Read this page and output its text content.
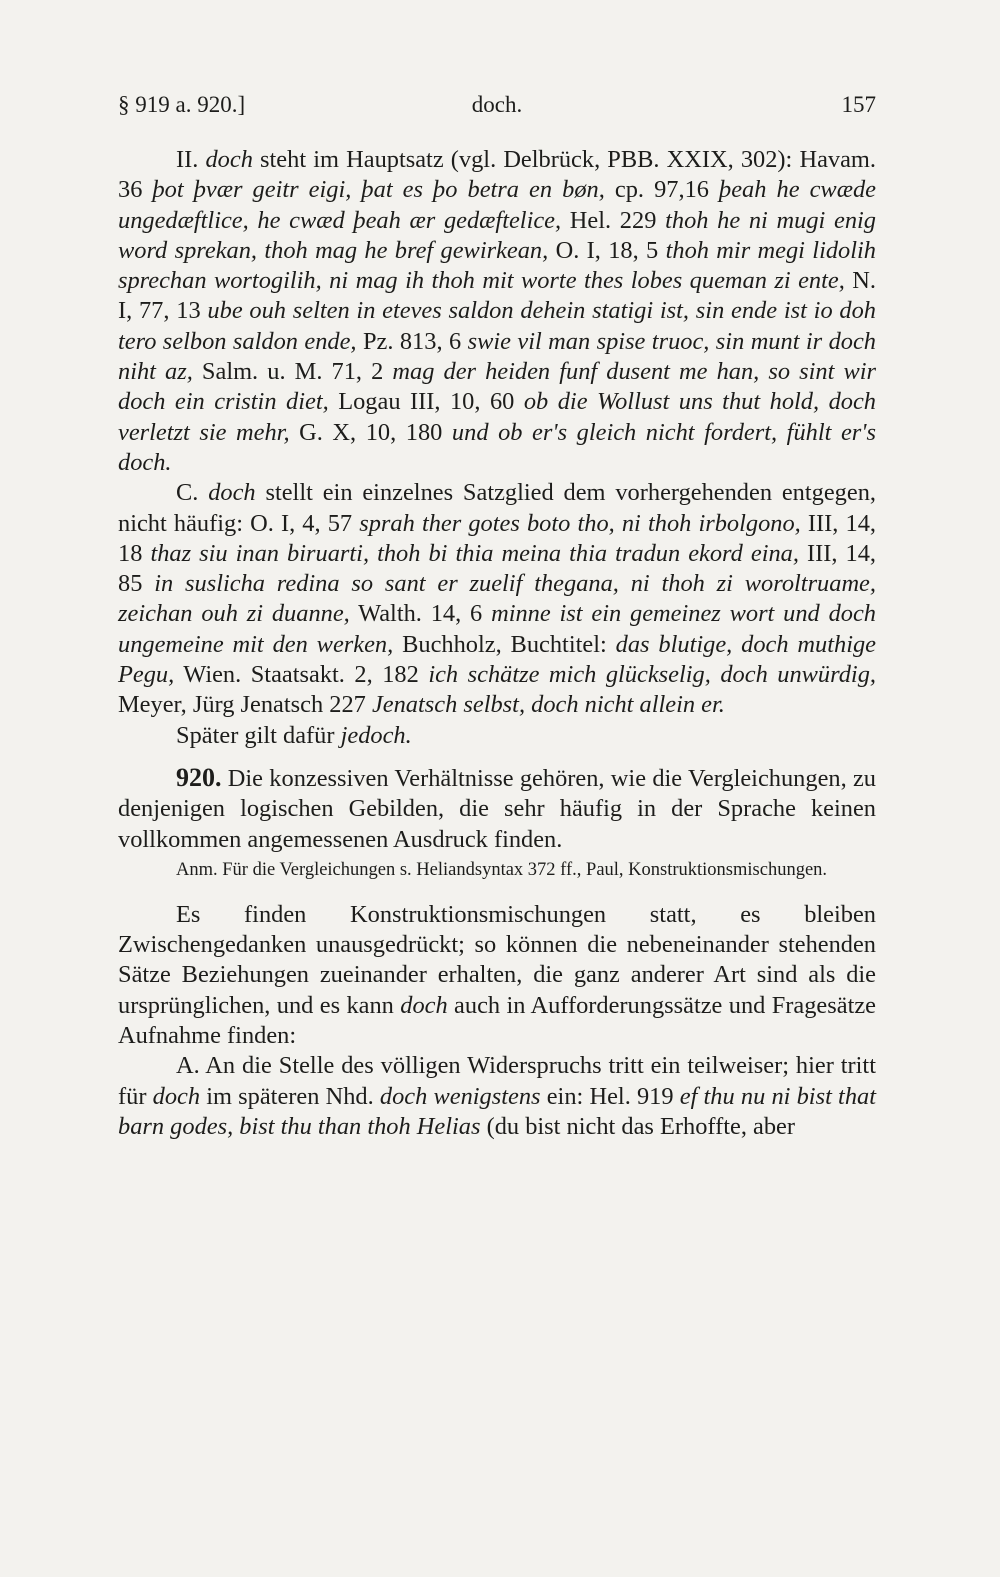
§ 919 a. 920.]	doch.	157

II. doch steht im Hauptsatz (vgl. Delbrück, PBB. XXIX, 302): Havam. 36 þot þvær geitr eigi, þat es þo betra en bøn, cp. 97,16 þeah he cwæde ungedæftlice, he cwæd þeah ær gedæftelice, Hel. 229 thoh he ni mugi enig word sprekan, thoh mag he bref gewirkean, O. I, 18, 5 thoh mir megi lidolih sprechan wortogilih, ni mag ih thoh mit worte thes lobes queman zi ente, N. I, 77, 13 ube ouh selten in eteves saldon dehein statigi ist, sin ende ist io doh tero selbon saldon ende, Pz. 813, 6 swie vil man spise truoc, sin munt ir doch niht az, Salm. u. M. 71, 2 mag der heiden funf dusent me han, so sint wir doch ein cristin diet, Logau III, 10, 60 ob die Wollust uns thut hold, doch verletzt sie mehr, G. X, 10, 180 und ob er's gleich nicht fordert, fühlt er's doch.

C. doch stellt ein einzelnes Satzglied dem vorhergehenden entgegen, nicht häufig: O. I, 4, 57 sprah ther gotes boto tho, ni thoh irbolgono, III, 14, 18 thaz siu inan biruarti, thoh bi thia meina thia tradun ekord eina, III, 14, 85 in suslicha redina so sant er zuelif thegana, ni thoh zi woroltruame, zeichan ouh zi duanne, Walth. 14, 6 minne ist ein gemeinez wort und doch ungemeine mit den werken, Buchholz, Buchtitel: das blutige, doch muthige Pegu, Wien. Staatsakt. 2, 182 ich schätze mich glückselig, doch unwürdig, Meyer, Jürg Jenatsch 227 Jenatsch selbst, doch nicht allein er.

Später gilt dafür jedoch.

920. Die konzessiven Verhältnisse gehören, wie die Vergleichungen, zu denjenigen logischen Gebilden, die sehr häufig in der Sprache keinen vollkommen angemessenen Ausdruck finden.

Anm. Für die Vergleichungen s. Heliandsyntax 372 ff., Paul, Konstruktionsmischungen.

Es finden Konstruktionsmischungen statt, es bleiben Zwischengedanken unausgedrückt; so können die nebeneinander stehenden Sätze Beziehungen zueinander erhalten, die ganz anderer Art sind als die ursprünglichen, und es kann doch auch in Aufforderungssätze und Fragesätze Aufnahme finden:

A. An die Stelle des völligen Widerspruchs tritt ein teilweiser; hier tritt für doch im späteren Nhd. doch wenigstens ein: Hel. 919 ef thu nu ni bist that barn godes, bist thu than thoh Helias (du bist nicht das Erhoffte, aber
